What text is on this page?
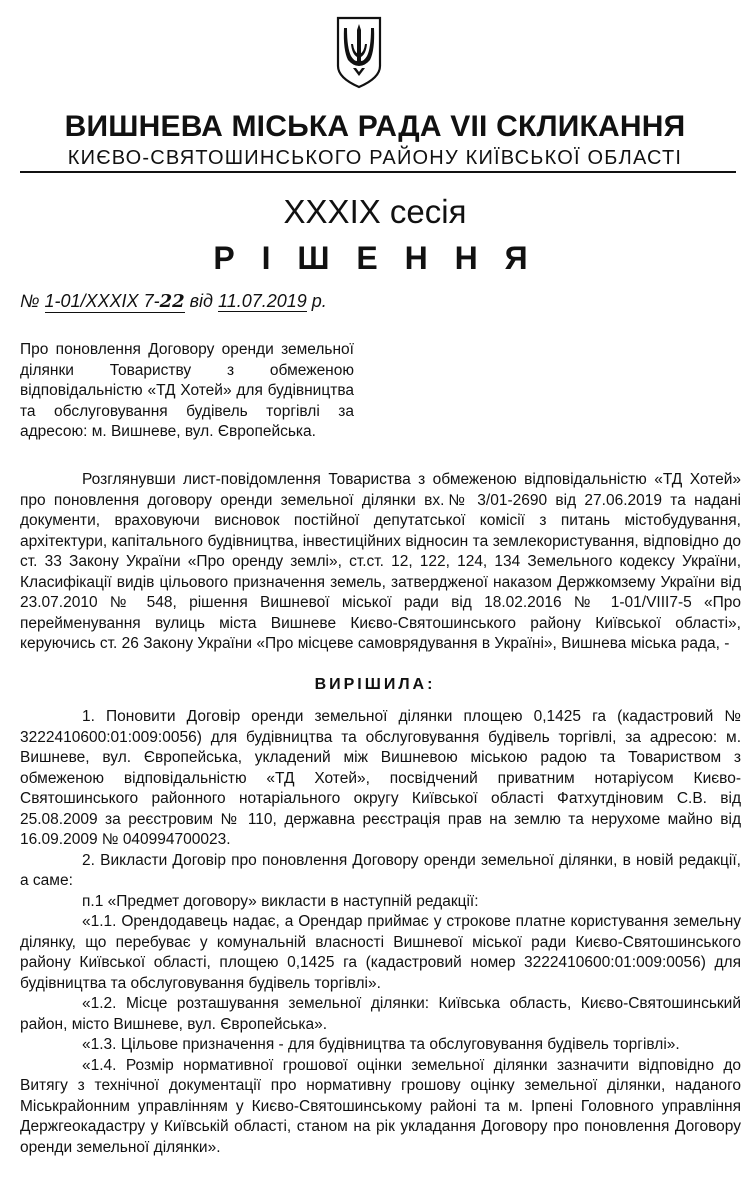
ВИШНЕВА МІСЬКА РАДА VII СКЛИКАННЯ
КИЄВО-СВЯТОШИНСЬКОГО РАЙОНУ КИЇВСЬКОЇ ОБЛАСТІ
XXXIX сесія
Р І Ш Е Н Н Я
№ 1-01/XXXIX 7-22 від 11.07.2019 р.
Про поновлення Договору оренди земельної ділянки Товариству з обмеженою відповідальністю «ТД Хотей» для будівництва та обслуговування будівель торгівлі за адресою: м. Вишневе, вул. Європейська.

Розглянувши лист-повідомлення Товариства з обмеженою відповідальністю «ТД Хотей» про поновлення договору оренди земельної ділянки вх.№ 3/01-2690 від 27.06.2019 та надані документи, враховуючи висновок постійної депутатської комісії з питань містобудування, архітектури, капітального будівництва, інвестиційних відносин та землекористування, відповідно до ст. 33 Закону України «Про оренду землі», ст.ст. 12, 122, 124, 134 Земельного кодексу України, Класифікації видів цільового призначення земель, затвердженої наказом Держкомзему України від 23.07.2010 № 548, рішення Вишневої міської ради від 18.02.2016 № 1-01/VIII7-5 «Про перейменування вулиць міста Вишневе Києво-Святошинського району Київської області», керуючись ст. 26 Закону України «Про місцеве самоврядування в Україні», Вишнева міська рада, -

ВИРІШИЛА:

1. Поновити Договір оренди земельної ділянки площею 0,1425 га (кадастровий № 3222410600:01:009:0056) для будівництва та обслуговування будівель торгівлі, за адресою: м. Вишневе, вул. Європейська, укладений між Вишневою міською радою та Товариством з обмеженою відповідальністю «ТД Хотей», посвідчений приватним нотаріусом Києво-Святошинського районного нотаріального округу Київської області Фатхутдіновим С.В. від 25.08.2009 за реєстровим № 110, державна реєстрація прав на землю та нерухоме майно від 16.09.2009 № 040994700023.

2. Викласти Договір про поновлення Договору оренди земельної ділянки, в новій редакції, а саме:

п.1 «Предмет договору» викласти в наступній редакції:

«1.1. Орендодавець надає, а Орендар приймає у строкове платне користування земельну ділянку, що перебуває у комунальній власності Вишневої міської ради Києво-Святошинського району Київської області, площею 0,1425 га (кадастровий номер 3222410600:01:009:0056) для будівництва та обслуговування будівель торгівлі».

«1.2. Місце розташування земельної ділянки: Київська область, Києво-Святошинський район, місто Вишневе, вул. Європейська».

«1.3. Цільове призначення - для будівництва та обслуговування будівель торгівлі».

«1.4. Розмір нормативної грошової оцінки земельної ділянки зазначити відповідно до Витягу з технічної документації про нормативну грошову оцінку земельної ділянки, наданого Міськрайонним управлінням у Києво-Святошинському районі та м. Ірпені Головного управління Держгеокадастру у Київській області, станом на рік укладання Договору про поновлення Договору оренди земельної ділянки».
